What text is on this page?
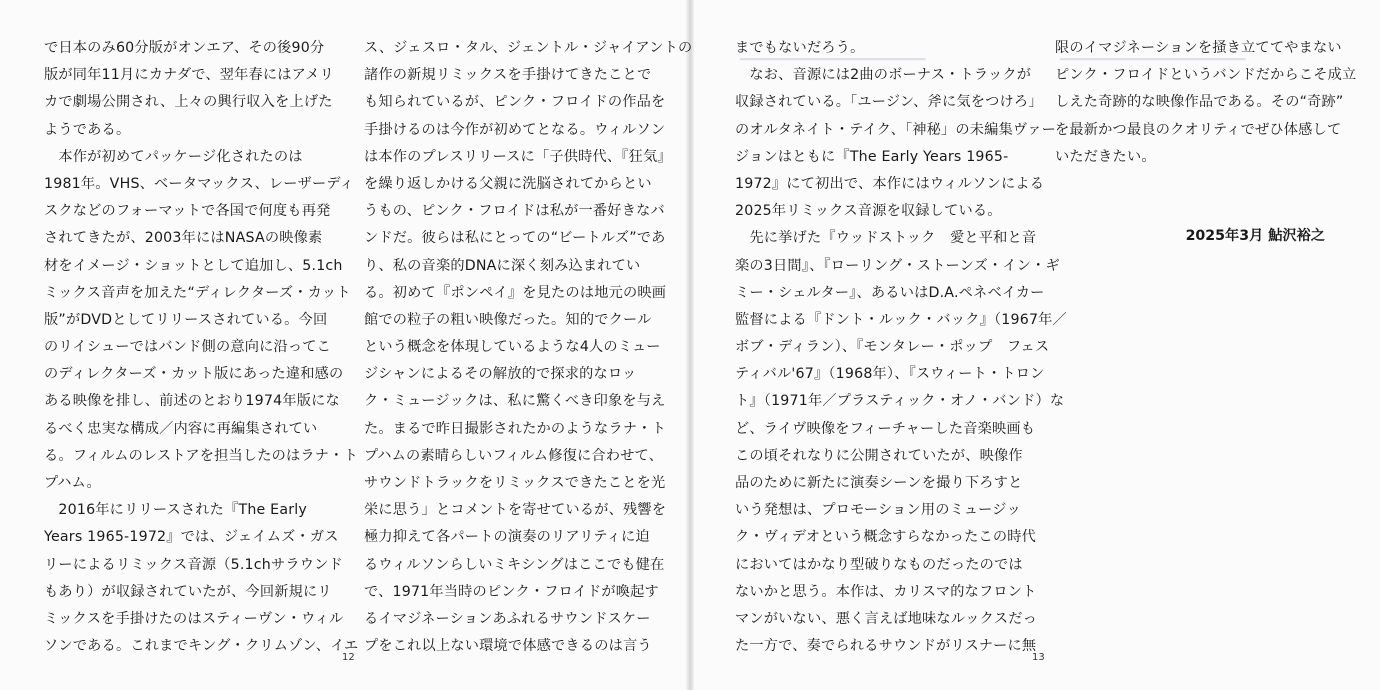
━━━━━━━━━━━━━━━━━━━━━━	━━━━━━━━━━━━━━━━━━━━━━
で日本のみ60分版がオンエア、その後90分
版が同年11月にカナダで、翌年春にはアメリ
カで劇場公開され、上々の興行収入を上げた
ようである。
　本作が初めてパッケージ化されたのは
1981年。VHS、ベータマックス、レーザーディ
スクなどのフォーマットで各国で何度も再発
されてきたが、2003年にはNASAの映像素
材をイメージ・ショットとして追加し、5.1ch
ミックス音声を加えた“ディレクターズ・カット
版”がDVDとしてリリースされている。今回
のリイシューではバンド側の意向に沿ってこ
のディレクターズ・カット版にあった違和感の
ある映像を排し、前述のとおり1974年版にな
るべく忠実な構成／内容に再編集されてい
る。フィルムのレストアを担当したのはラナ・ト
プハム。
　2016年にリリースされた『The Early
Years 1965-1972』では、ジェイムズ・ガス
リーによるリミックス音源（5.1chサラウンド
もあり）が収録されていたが、今回新規にリ
ミックスを手掛けたのはスティーヴン・ウィル
ソンである。これまでキング・クリムゾン、イエ
ス、ジェスロ・タル、ジェントル・ジャイアントの
諸作の新規リミックスを手掛けてきたことで
も知られているが、ピンク・フロイドの作品を
手掛けるのは今作が初めてとなる。ウィルソン
は本作のプレスリリースに「子供時代、『狂気』
を繰り返しかける父親に洗脳されてからとい
うもの、ピンク・フロイドは私が一番好きなバ
ンドだ。彼らは私にとっての“ビートルズ”であ
り、私の音楽的DNAに深く刻み込まれてい
る。初めて『ポンペイ』を見たのは地元の映画
館での粒子の粗い映像だった。知的でクール
という概念を体現しているような4人のミュー
ジシャンによるその解放的で探求的なロッ
ク・ミュージックは、私に驚くべき印象を与え
た。まるで昨日撮影されたかのようなラナ・ト
プハムの素晴らしいフィルム修復に合わせて、
サウンドトラックをリミックスできたことを光
栄に思う」とコメントを寄せているが、残響を
極力抑えて各パートの演奏のリアリティに迫
るウィルソンらしいミキシングはここでも健在
で、1971年当時のピンク・フロイドが喚起す
るイマジネーションあふれるサウンドスケー
プをこれ以上ない環境で体感できるのは言う
までもないだろう。
　なお、音源には2曲のボーナス・トラックが
収録されている。「ユージン、斧に気をつけろ」
のオルタネイト・テイク、「神秘」の未編集ヴァー
ジョンはともに『The Early Years 1965-
1972』にて初出で、本作にはウィルソンによる
2025年リミックス音源を収録している。
　先に挙げた『ウッドストック　愛と平和と音
楽の3日間』、『ローリング・ストーンズ・イン・ギ
ミー・シェルター』、あるいはD.A.ペネベイカー
監督による『ドント・ルック・バック』（1967年／
ボブ・ディラン）、『モンタレー・ポップ　フェス
ティバル'67』（1968年）、『スウィート・トロン
ト』（1971年／プラスティック・オノ・バンド）な
ど、ライヴ映像をフィーチャーした音楽映画も
この頃それなりに公開されていたが、映像作
品のために新たに演奏シーンを撮り下ろすと
いう発想は、プロモーション用のミュージッ
ク・ヴィデオという概念すらなかったこの時代
においてはかなり型破りなものだったのでは
ないかと思う。本作は、カリスマ的なフロント
マンがいない、悪く言えば地味なルックスだっ
た一方で、奏でられるサウンドがリスナーに無
限のイマジネーションを掻き立ててやまない
ピンク・フロイドというバンドだからこそ成立
しえた奇跡的な映像作品である。その“奇跡”
を最新かつ最良のクオリティでぜひ体感して
いただきたい。
2025年3月 鮎沢裕之
12	13
